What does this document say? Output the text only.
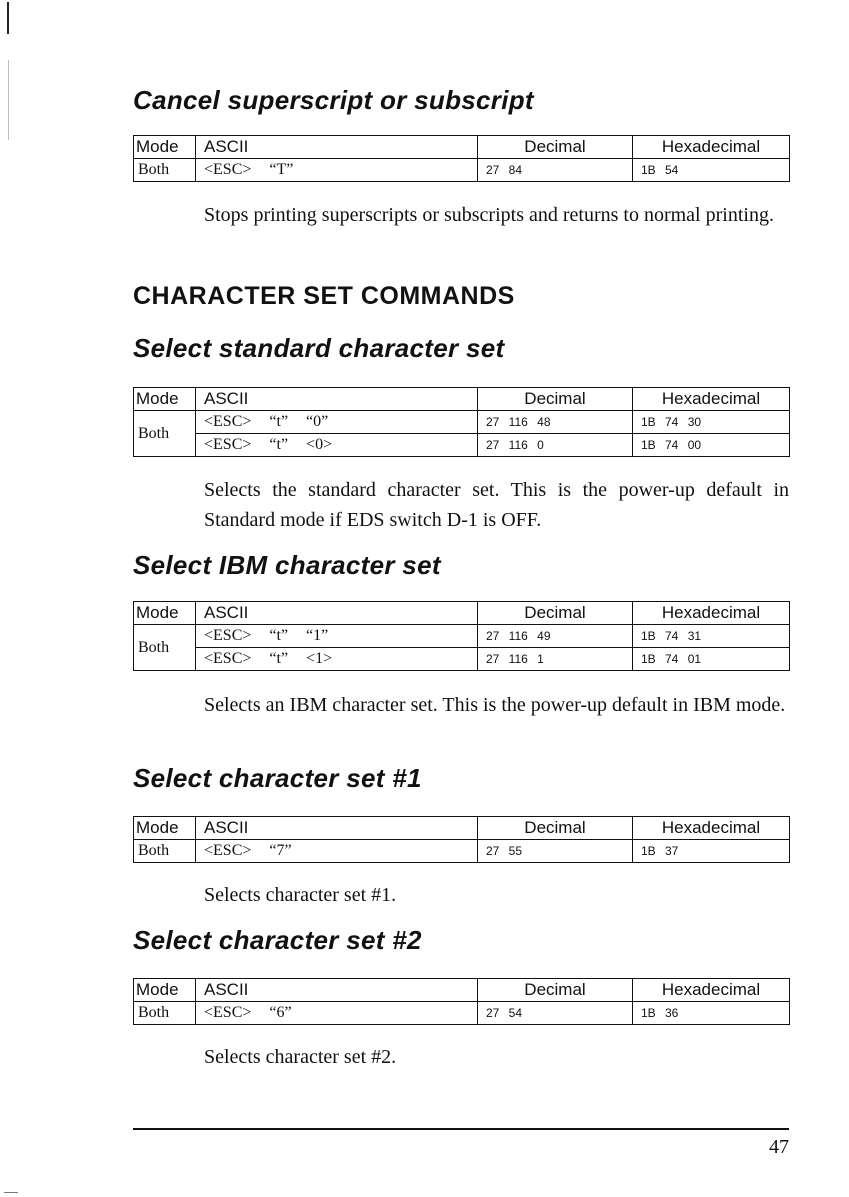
Cancel superscript or subscript
Mode	ASCII	Decimal	Hexadecimal
Both	<ESC> “T”	27 84	1B 54

Stops printing superscripts or subscripts and returns to normal printing.

CHARACTER SET COMMANDS
Select standard character set
Mode	ASCII	Decimal	Hexadecimal
Both	<ESC> “t” “0”	27 116 48	1B 74 30
	<ESC> “t” <0>	27 116 0	1B 74 00

Selects the standard character set. This is the power-up default in Standard mode if EDS switch D-1 is OFF.

Select IBM character set
Mode	ASCII	Decimal	Hexadecimal
Both	<ESC> “t” “1”	27 116 49	1B 74 31
	<ESC> “t” <1>	27 116 1	1B 74 01

Selects an IBM character set. This is the power-up default in IBM mode.

Select character set #1
Mode	ASCII	Decimal	Hexadecimal
Both	<ESC> “7”	27 55	1B 37

Selects character set #1.

Select character set #2
Mode	ASCII	Decimal	Hexadecimal
Both	<ESC> “6”	27 54	1B 36

Selects character set #2.

47
